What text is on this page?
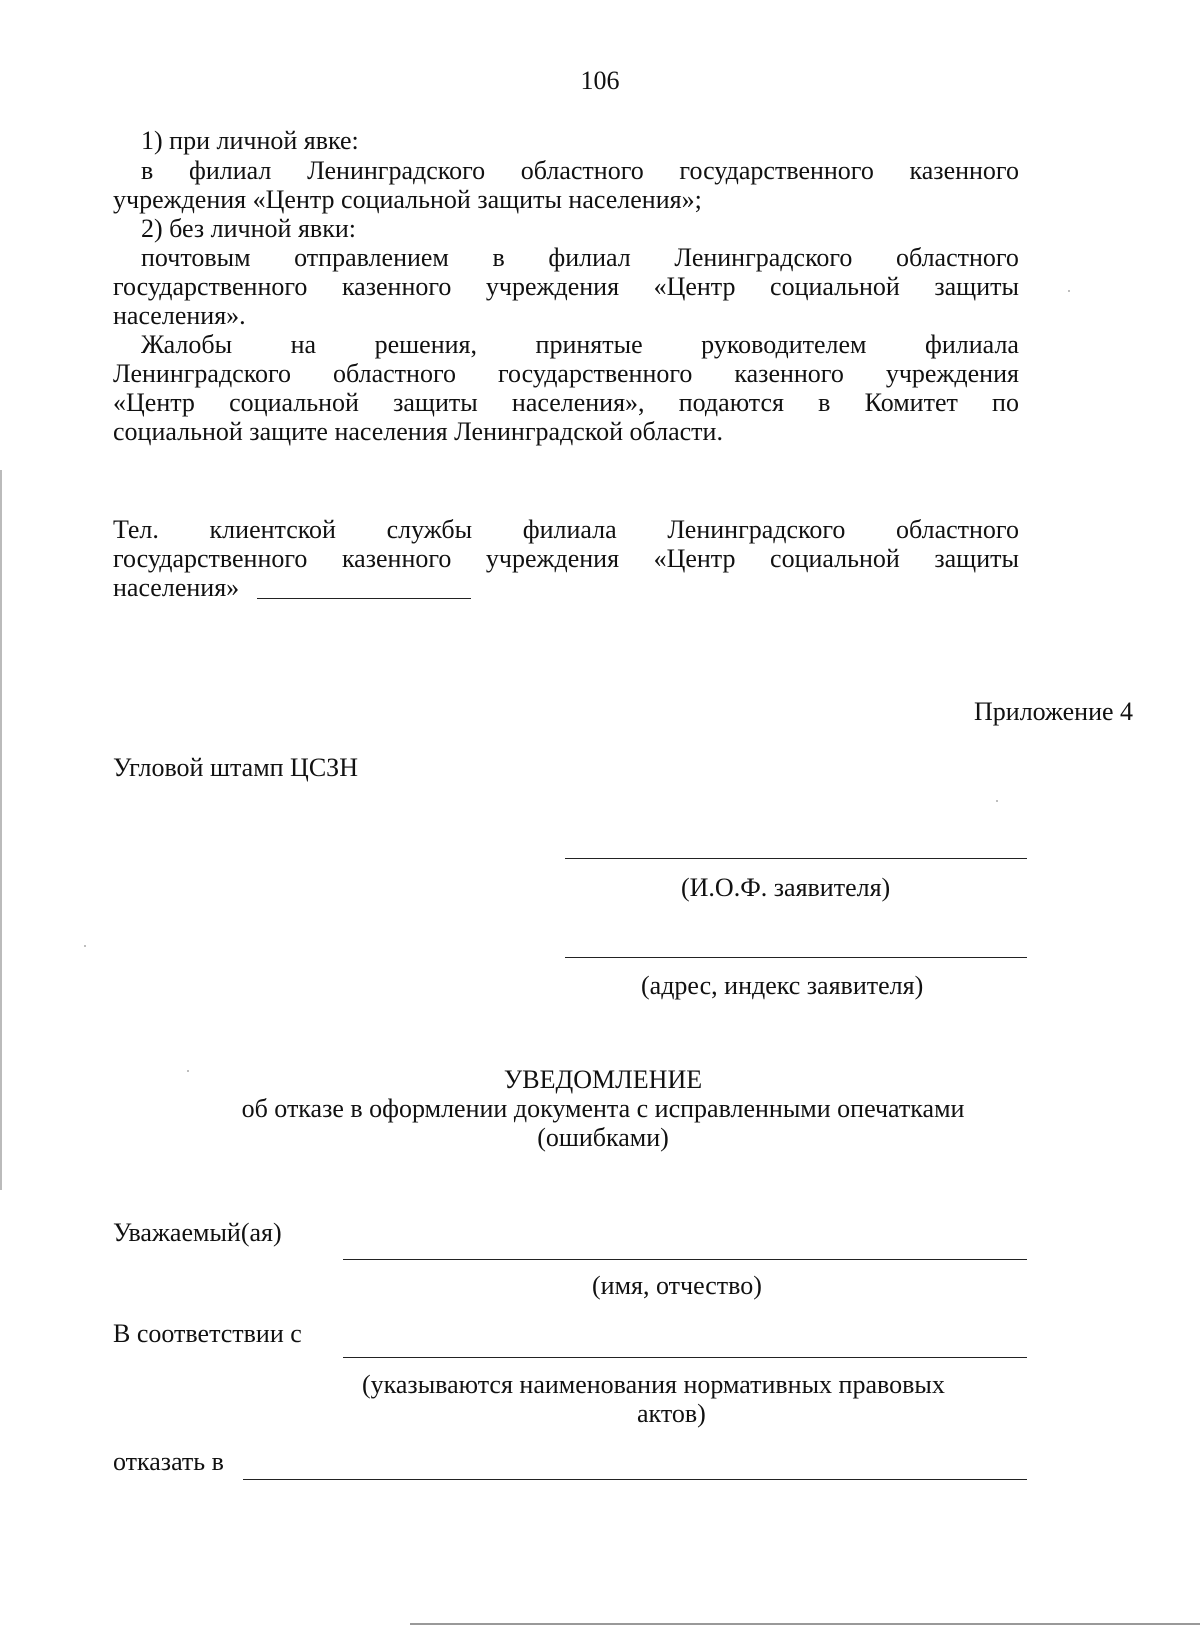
106
1) при личной явке:
в филиал Ленинградского областного государственного казенного
учреждения «Центр социальной защиты населения»;
2) без личной явки:
почтовым отправлением в филиал Ленинградского областного
государственного казенного учреждения «Центр социальной защиты
населения».
Жалобы на решения, принятые руководителем филиала
Ленинградского областного государственного казенного учреждения
«Центр социальной защиты населения», подаются в Комитет по
социальной защите населения Ленинградской области.
Тел. клиентской службы филиала Ленинградского областного
государственного казенного учреждения «Центр социальной защиты
населения»
Приложение 4
Угловой штамп ЦСЗН
(И.О.Ф. заявителя)
(адрес, индекс заявителя)
УВЕДОМЛЕНИЕ
об отказе в оформлении документа с исправленными опечатками
(ошибками)
Уважаемый(ая)
(имя, отчество)
В соответствии с
(указываются наименования нормативных правовых
актов)
отказать в
